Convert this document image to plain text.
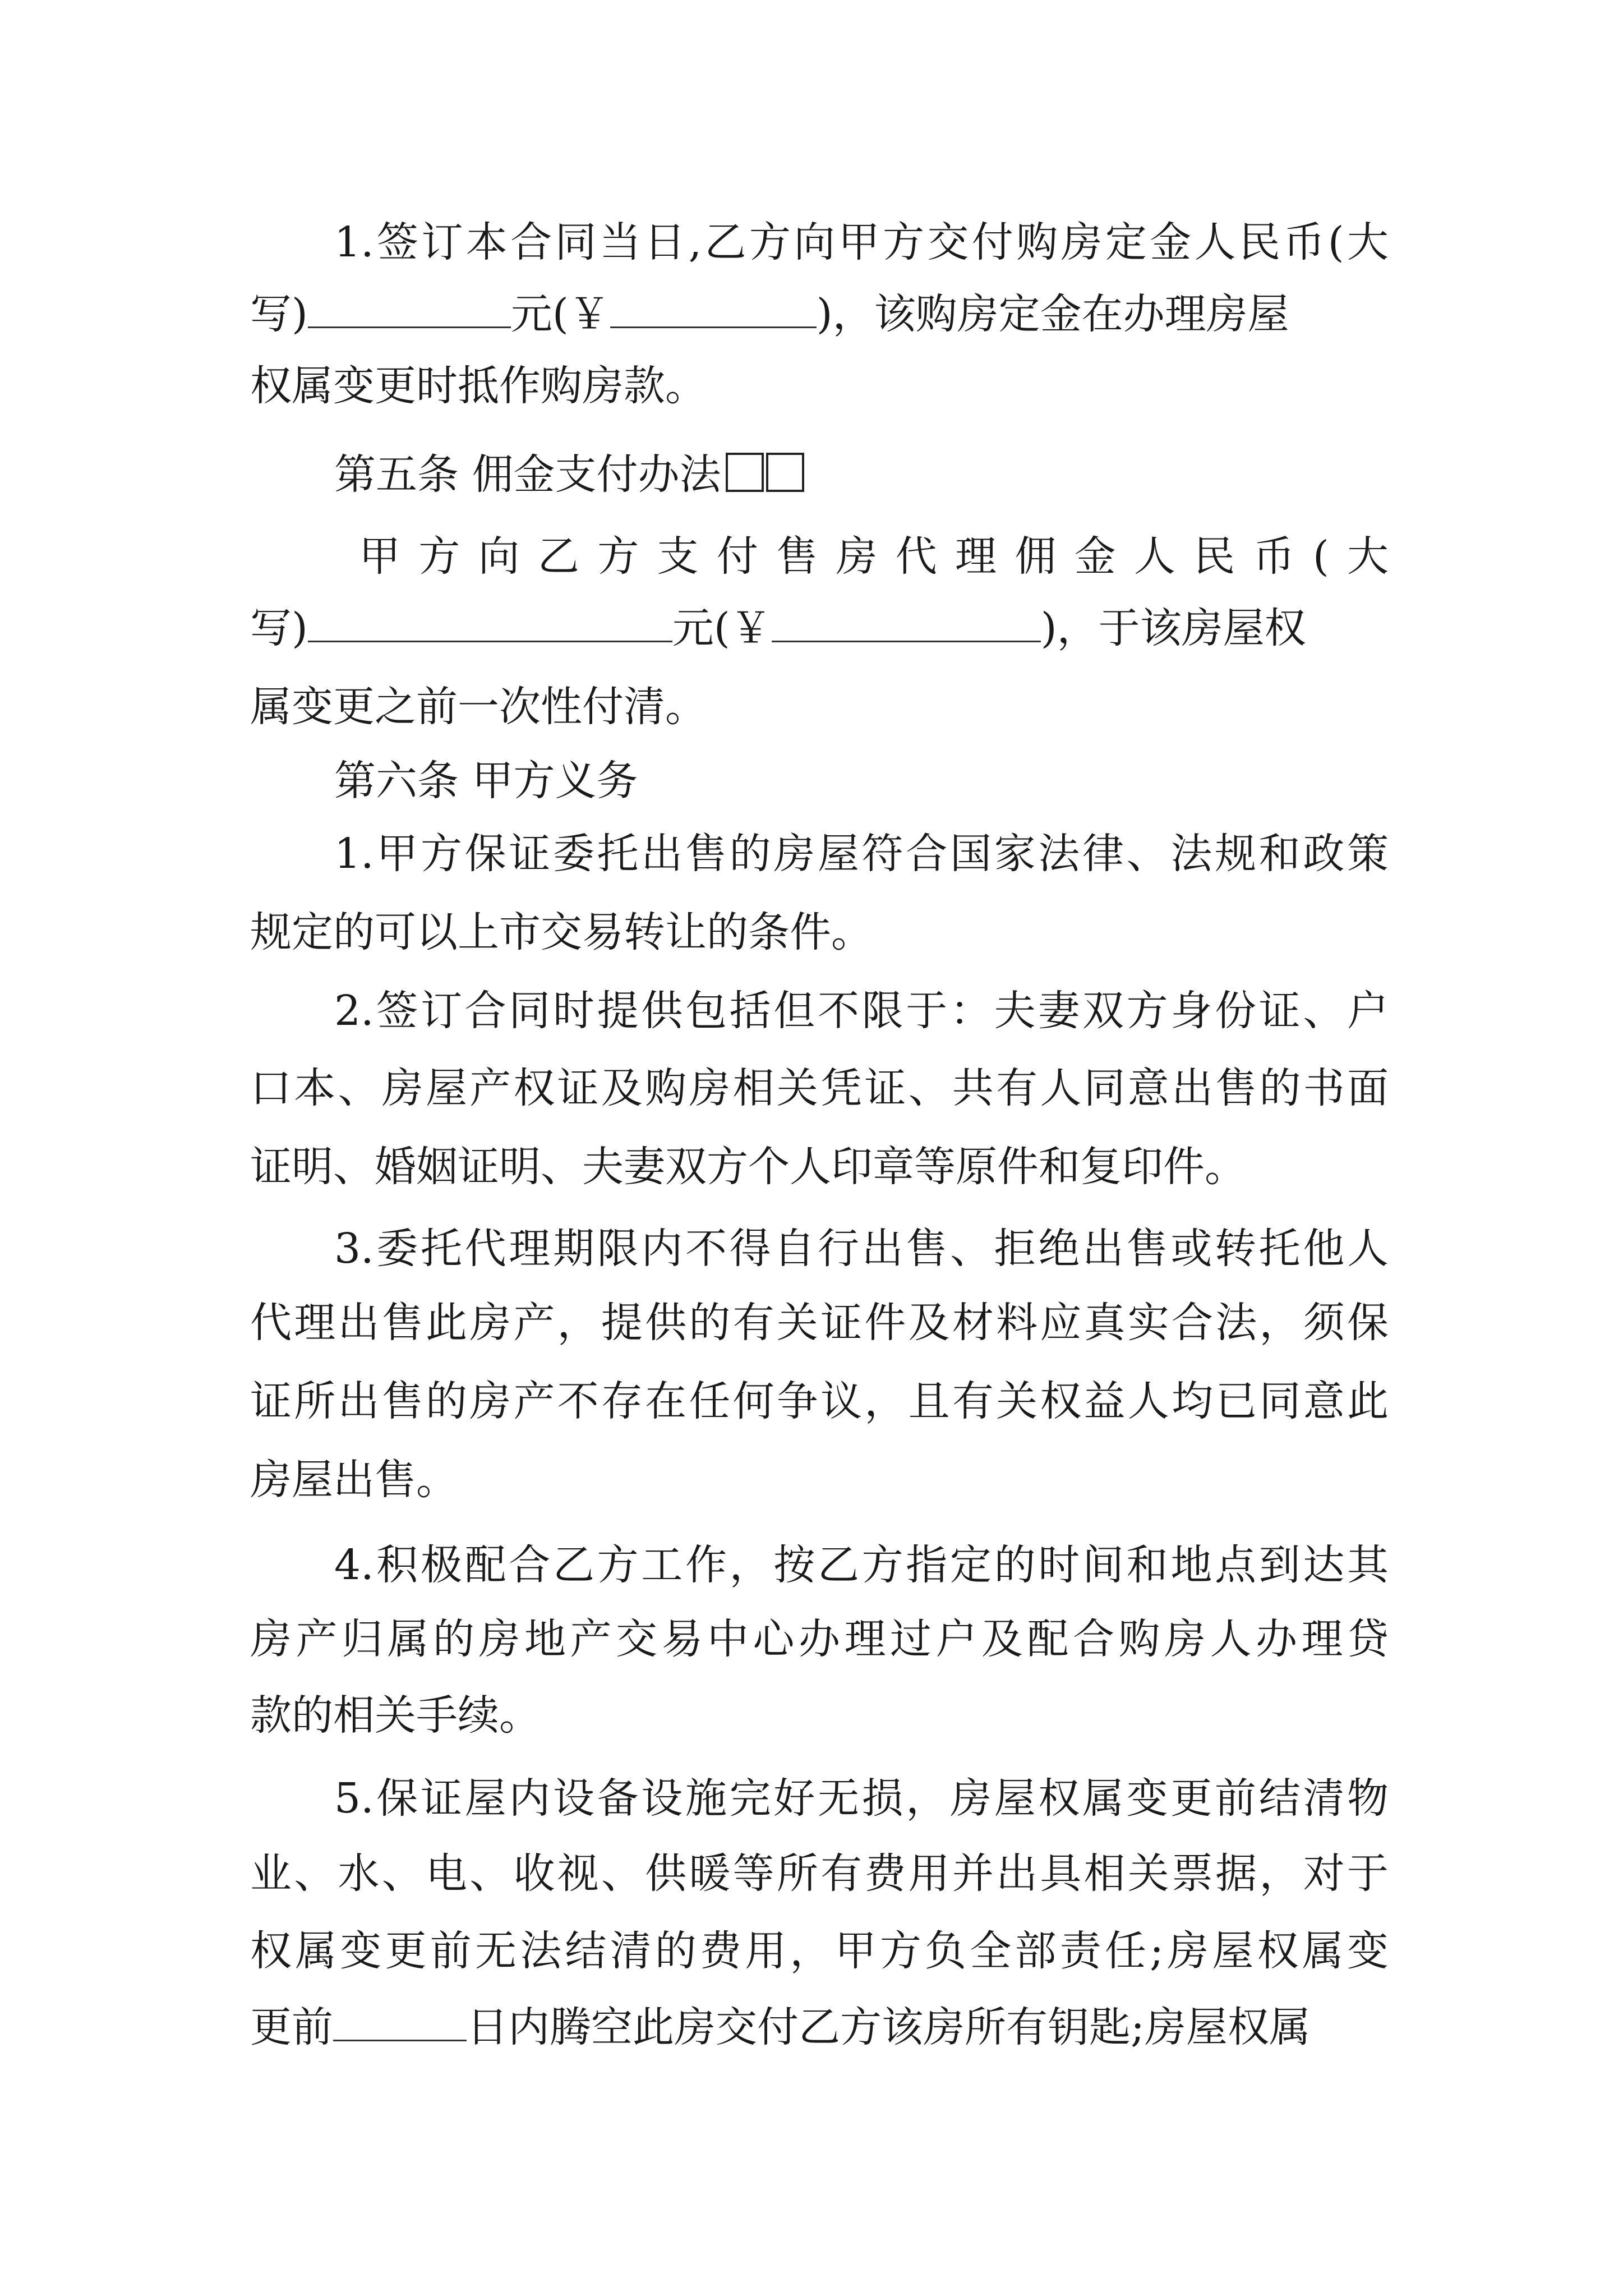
1.签订本合同当日,乙方向甲方交付购房定金人民币(大
写)	元(￥	)，该购房定金在办理房屋
权属变更时抵作购房款。
第五条 佣金支付办法
甲方向乙方支付售房代理佣金人民币(大
写)	元(￥	)，于该房屋权
属变更之前一次性付清。
第六条 甲方义务
1.甲方保证委托出售的房屋符合国家法律、法规和政策
规定的可以上市交易转让的条件。
2.签订合同时提供包括但不限于：夫妻双方身份证、户
口本、房屋产权证及购房相关凭证、共有人同意出售的书面
证明、婚姻证明、夫妻双方个人印章等原件和复印件。
3.委托代理期限内不得自行出售、拒绝出售或转托他人
代理出售此房产，提供的有关证件及材料应真实合法，须保
证所出售的房产不存在任何争议，且有关权益人均已同意此
房屋出售。
4.积极配合乙方工作，按乙方指定的时间和地点到达其
房产归属的房地产交易中心办理过户及配合购房人办理贷
款的相关手续。
5.保证屋内设备设施完好无损，房屋权属变更前结清物
业、水、电、收视、供暖等所有费用并出具相关票据，对于
权属变更前无法结清的费用，甲方负全部责任;房屋权属变
更前	日内腾空此房交付乙方该房所有钥匙;房屋权属
